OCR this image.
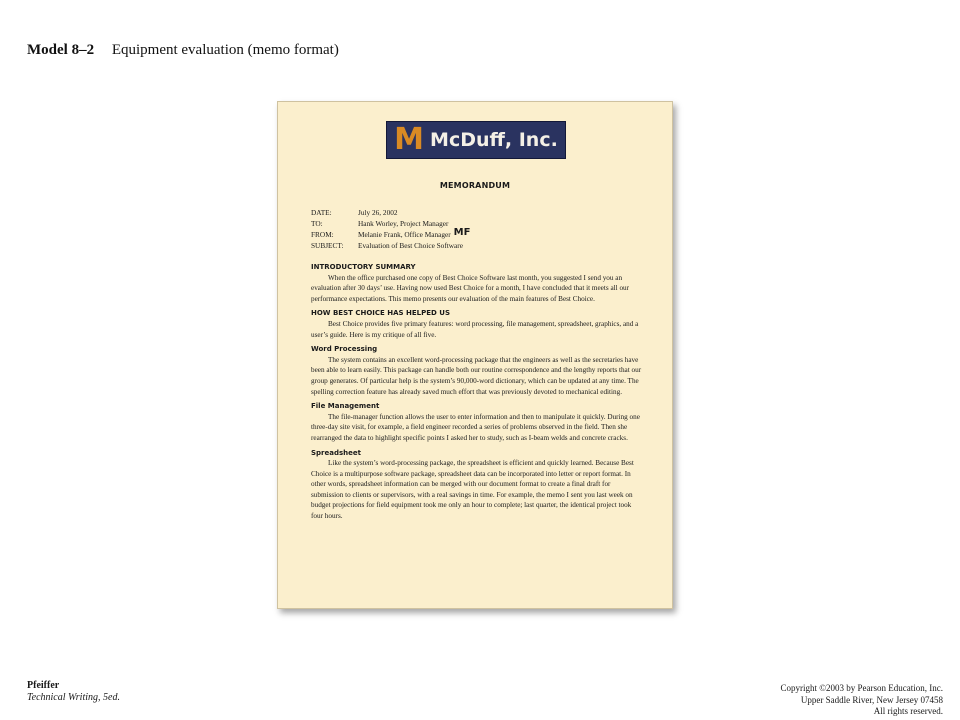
Model 8–2 Equipment evaluation (memo format)
M McDuff, Inc.
MEMORANDUM
DATE:	July 26, 2002
TO:	Hank Worley, Project Manager
FROM:	Melanie Frank, Office Manager MF
SUBJECT:	Evaluation of Best Choice Software
INTRODUCTORY SUMMARY

When the office purchased one copy of Best Choice Software last month, you suggested I send you an evaluation after 30 days’ use. Having now used Best Choice for a month, I have concluded that it meets all our performance expectations. This memo presents our evaluation of the main features of Best Choice.

HOW BEST CHOICE HAS HELPED US

Best Choice provides five primary features: word processing, file management, spreadsheet, graphics, and a user’s guide. Here is my critique of all five.

Word Processing

The system contains an excellent word-processing package that the engineers as well as the secretaries have been able to learn easily. This package can handle both our routine correspondence and the lengthy reports that our group generates. Of particular help is the system’s 90,000-word dictionary, which can be updated at any time. The spelling correction feature has already saved much effort that was previously devoted to mechanical editing.

File Management

The file-manager function allows the user to enter information and then to manipulate it quickly. During one three-day site visit, for example, a field engineer recorded a series of problems observed in the field. Then she rearranged the data to highlight specific points I asked her to study, such as I-beam welds and concrete cracks.

Spreadsheet

Like the system’s word-processing package, the spreadsheet is efficient and quickly learned. Because Best Choice is a multipurpose software package, spreadsheet data can be incorporated into letter or report format. In other words, spreadsheet information can be merged with our document format to create a final draft for submission to clients or supervisors, with a real savings in time. For example, the memo I sent you last week on budget projections for field equipment took me only an hour to complete; last quarter, the identical project took four hours.

Pfeiffer
Technical Writing, 5ed.
Copyright ©2003 by Pearson Education, Inc.
Upper Saddle River, New Jersey 07458
All rights reserved.
